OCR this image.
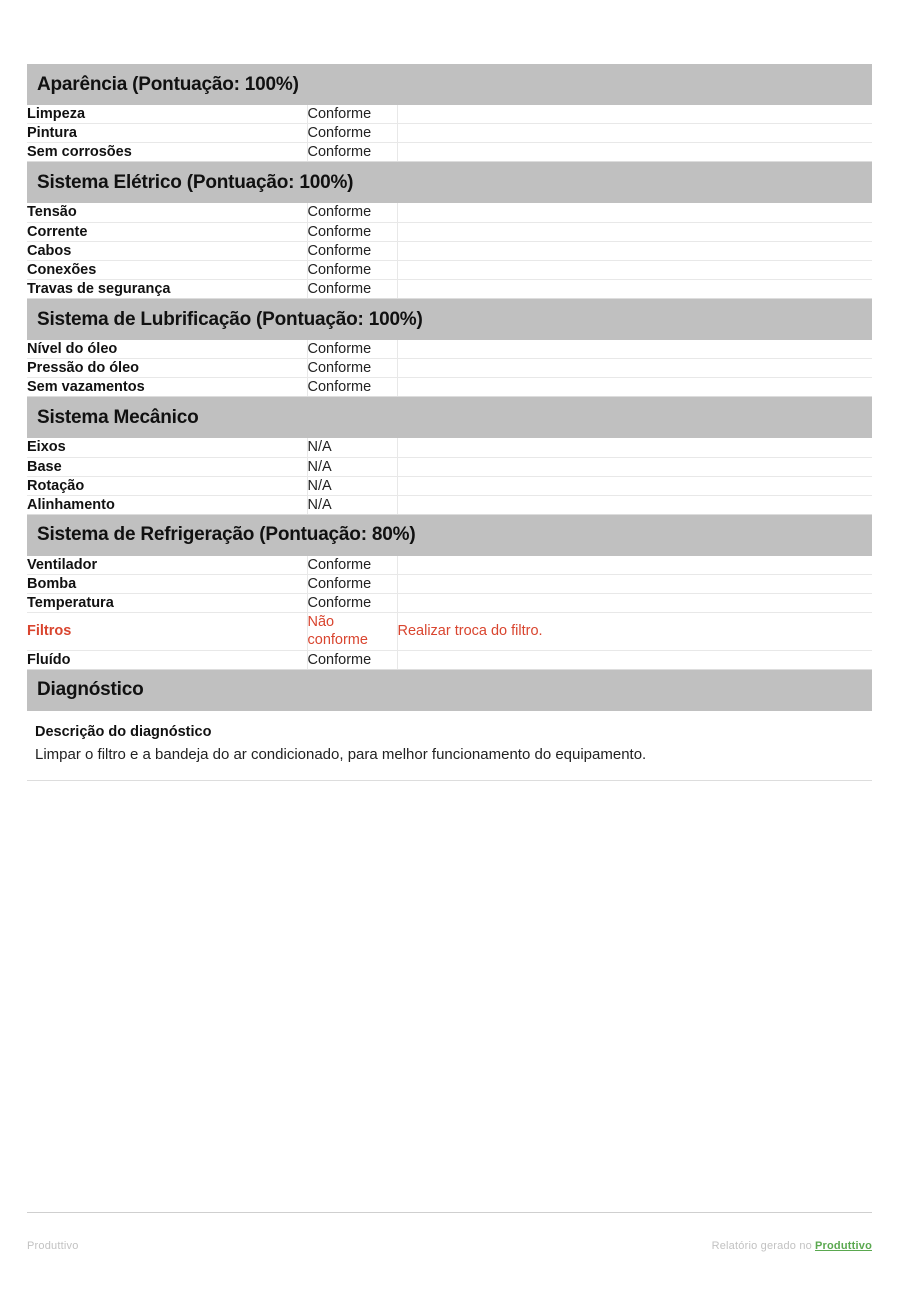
Aparência (Pontuação: 100%)
Limpeza	Conforme	
Pintura	Conforme	
Sem corrosões	Conforme	
Sistema Elétrico (Pontuação: 100%)
Tensão	Conforme	
Corrente	Conforme	
Cabos	Conforme	
Conexões	Conforme	
Travas de segurança	Conforme	
Sistema de Lubrificação (Pontuação: 100%)
Nível do óleo	Conforme	
Pressão do óleo	Conforme	
Sem vazamentos	Conforme	
Sistema Mecânico
Eixos	N/A	
Base	N/A	
Rotação	N/A	
Alinhamento	N/A	
Sistema de Refrigeração (Pontuação: 80%)
Ventilador	Conforme	
Bomba	Conforme	
Temperatura	Conforme	
Filtros	Não conforme	Realizar troca do filtro.
Fluído	Conforme	
Diagnóstico

Descrição do diagnóstico

Limpar o filtro e a bandeja do ar condicionado, para melhor funcionamento do equipamento.

Produttivo	Relatório gerado no Produttivo
